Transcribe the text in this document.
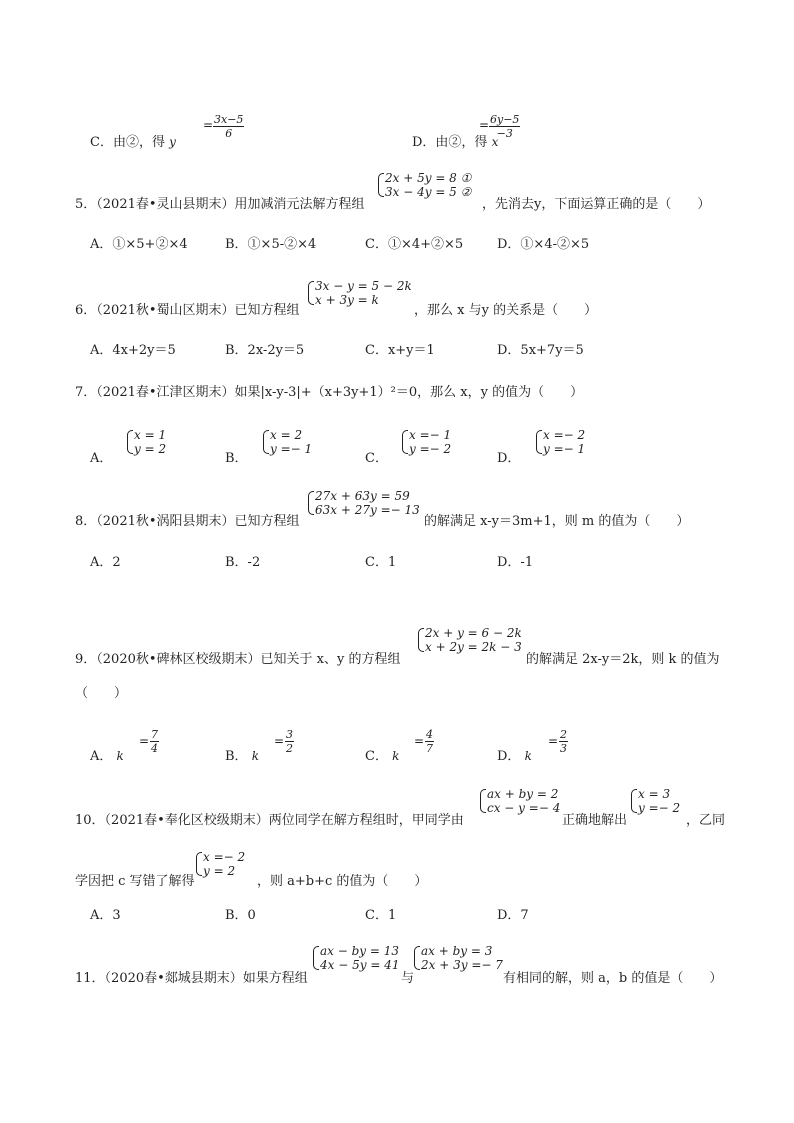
C．由②，得 y
= $\frac{3x-5}{6}$
D．由②，得 x
= $\frac{6y-5}{-3}$
5．（2021春•灵山县期末）用加减消元法解方程组
2x + 5y = 8 ①
3x − 4y = 5 ②
，先消去y，下面运算正确的是（　　）
A．①×5+②×4	B．①×5-②×4	C．①×4+②×5	D．①×4-②×5
6．（2021秋•蜀山区期末）已知方程组
3x − y = 5 − 2k
x + 3y = k
，那么 x 与y 的关系是（　　）
A．4x+2y＝5	B．2x-2y＝5	C．x+y＝1	D．5x+7y＝5
7．（2021春•江津区期末）如果|x-y-3|+（x+3y+1）²＝0，那么 x，y 的值为（　　）
A．
x = 1
y = 2
B．
x = 2
y =− 1
C．
x =− 1
y =− 2
D．
x =− 2
y =− 1
8．（2021秋•涡阳县期末）已知方程组
27x + 63y = 59
63x + 27y =− 13
的解满足 x-y＝3m+1，则 m 的值为（　　）
A．2	B．-2	C．1	D．-1
9．（2020秋•碑林区校级期末）已知关于 x、y 的方程组
2x + y = 6 − 2k
x + 2y = 2k − 3
的解满足 2x-y＝2k，则 k 的值为
（　　）
A． k
= $\frac{7}{4}$
B． k
= $\frac{3}{2}$
C． k
= $\frac{4}{7}$
D． k
= $\frac{2}{3}$
10．（2021春•奉化区校级期末）两位同学在解方程组时，甲同学由
ax + by = 2
cx − y =− 4
正确地解出
x = 3
y =− 2
，乙同
学因把 c 写错了解得
x =− 2
y = 2
，则 a+b+c 的值为（　　）
A．3	B．0	C．1	D．7
11．（2020春•郯城县期末）如果方程组
ax − by = 13
4x − 5y = 41
与
ax + by = 3
2x + 3y =− 7
有相同的解，则 a，b 的值是（　　）
